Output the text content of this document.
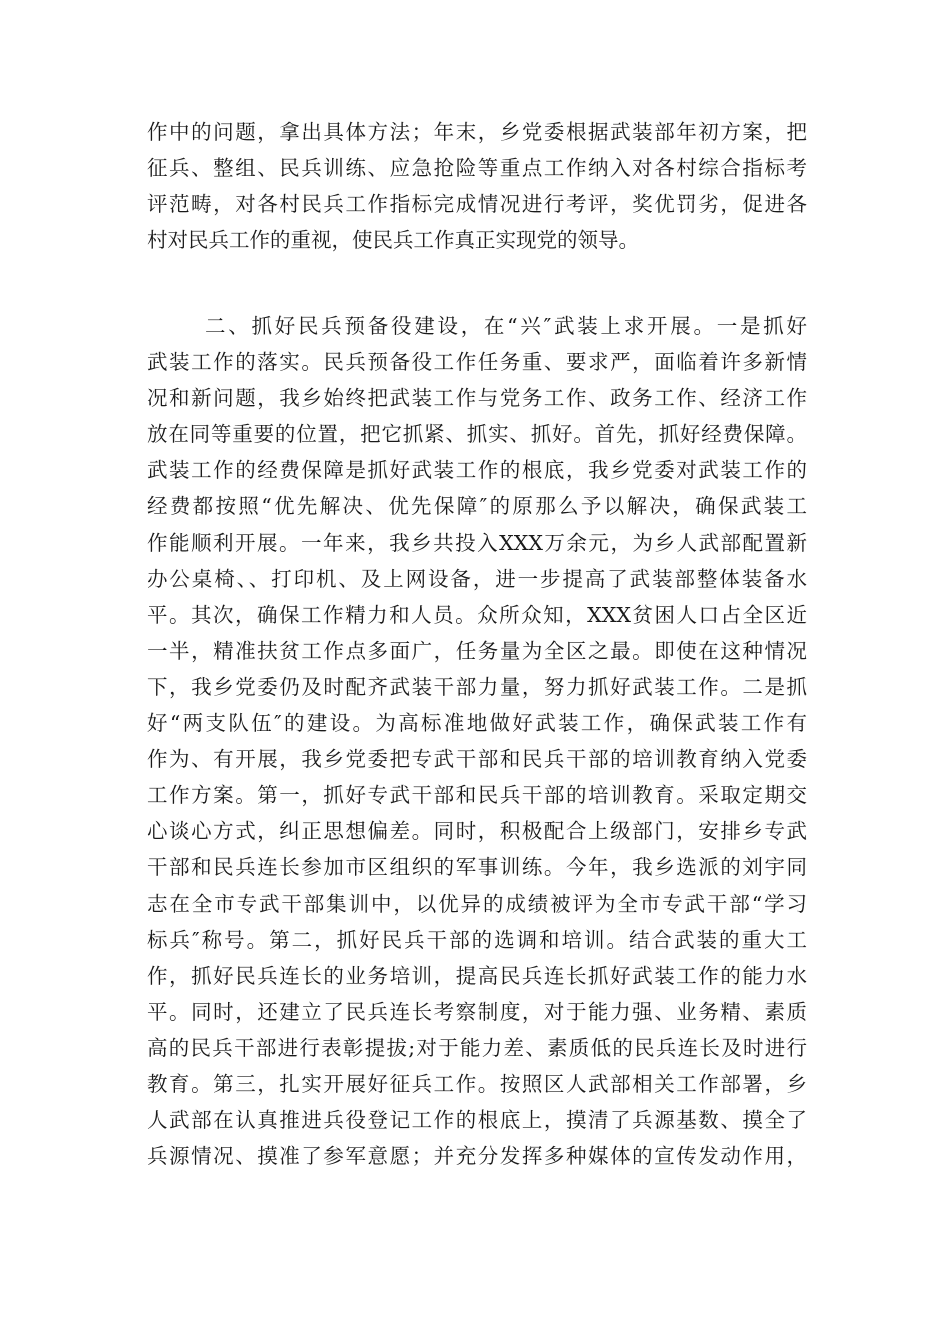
作中的问题，拿出具体方法；年末，乡党委根据武装部年初方案，把
征兵、整组、民兵训练、应急抢险等重点工作纳入对各村综合指标考
评范畴，对各村民兵工作指标完成情况进行考评，奖优罚劣，促进各
村对民兵工作的重视，使民兵工作真正实现党的领导。
二、抓好民兵预备役建设，在“兴″武装上求开展。一是抓好
武装工作的落实。民兵预备役工作任务重、要求严，面临着许多新情
况和新问题，我乡始终把武装工作与党务工作、政务工作、经济工作
放在同等重要的位置，把它抓紧、抓实、抓好。首先，抓好经费保障。
武装工作的经费保障是抓好武装工作的根底，我乡党委对武装工作的
经费都按照“优先解决、优先保障″的原那么予以解决，确保武装工
作能顺利开展。一年来，我乡共投入XXX万余元，为乡人武部配置新
办公桌椅、、打印机、及上网设备，进一步提高了武装部整体装备水
平。其次，确保工作精力和人员。众所众知，XXX贫困人口占全区近
一半，精准扶贫工作点多面广，任务量为全区之最。即使在这种情况
下，我乡党委仍及时配齐武装干部力量，努力抓好武装工作。二是抓
好“两支队伍″的建设。为高标准地做好武装工作，确保武装工作有
作为、有开展，我乡党委把专武干部和民兵干部的培训教育纳入党委
工作方案。第一，抓好专武干部和民兵干部的培训教育。采取定期交
心谈心方式，纠正思想偏差。同时，积极配合上级部门，安排乡专武
干部和民兵连长参加市区组织的军事训练。今年，我乡选派的刘宇同
志在全市专武干部集训中，以优异的成绩被评为全市专武干部“学习
标兵″称号。第二，抓好民兵干部的选调和培训。结合武装的重大工
作，抓好民兵连长的业务培训，提高民兵连长抓好武装工作的能力水
平。同时，还建立了民兵连长考察制度，对于能力强、业务精、素质
高的民兵干部进行表彰提拔;对于能力差、素质低的民兵连长及时进行
教育。第三，扎实开展好征兵工作。按照区人武部相关工作部署，乡
人武部在认真推进兵役登记工作的根底上，摸清了兵源基数、摸全了
兵源情况、摸准了参军意愿；并充分发挥多种媒体的宣传发动作用，
